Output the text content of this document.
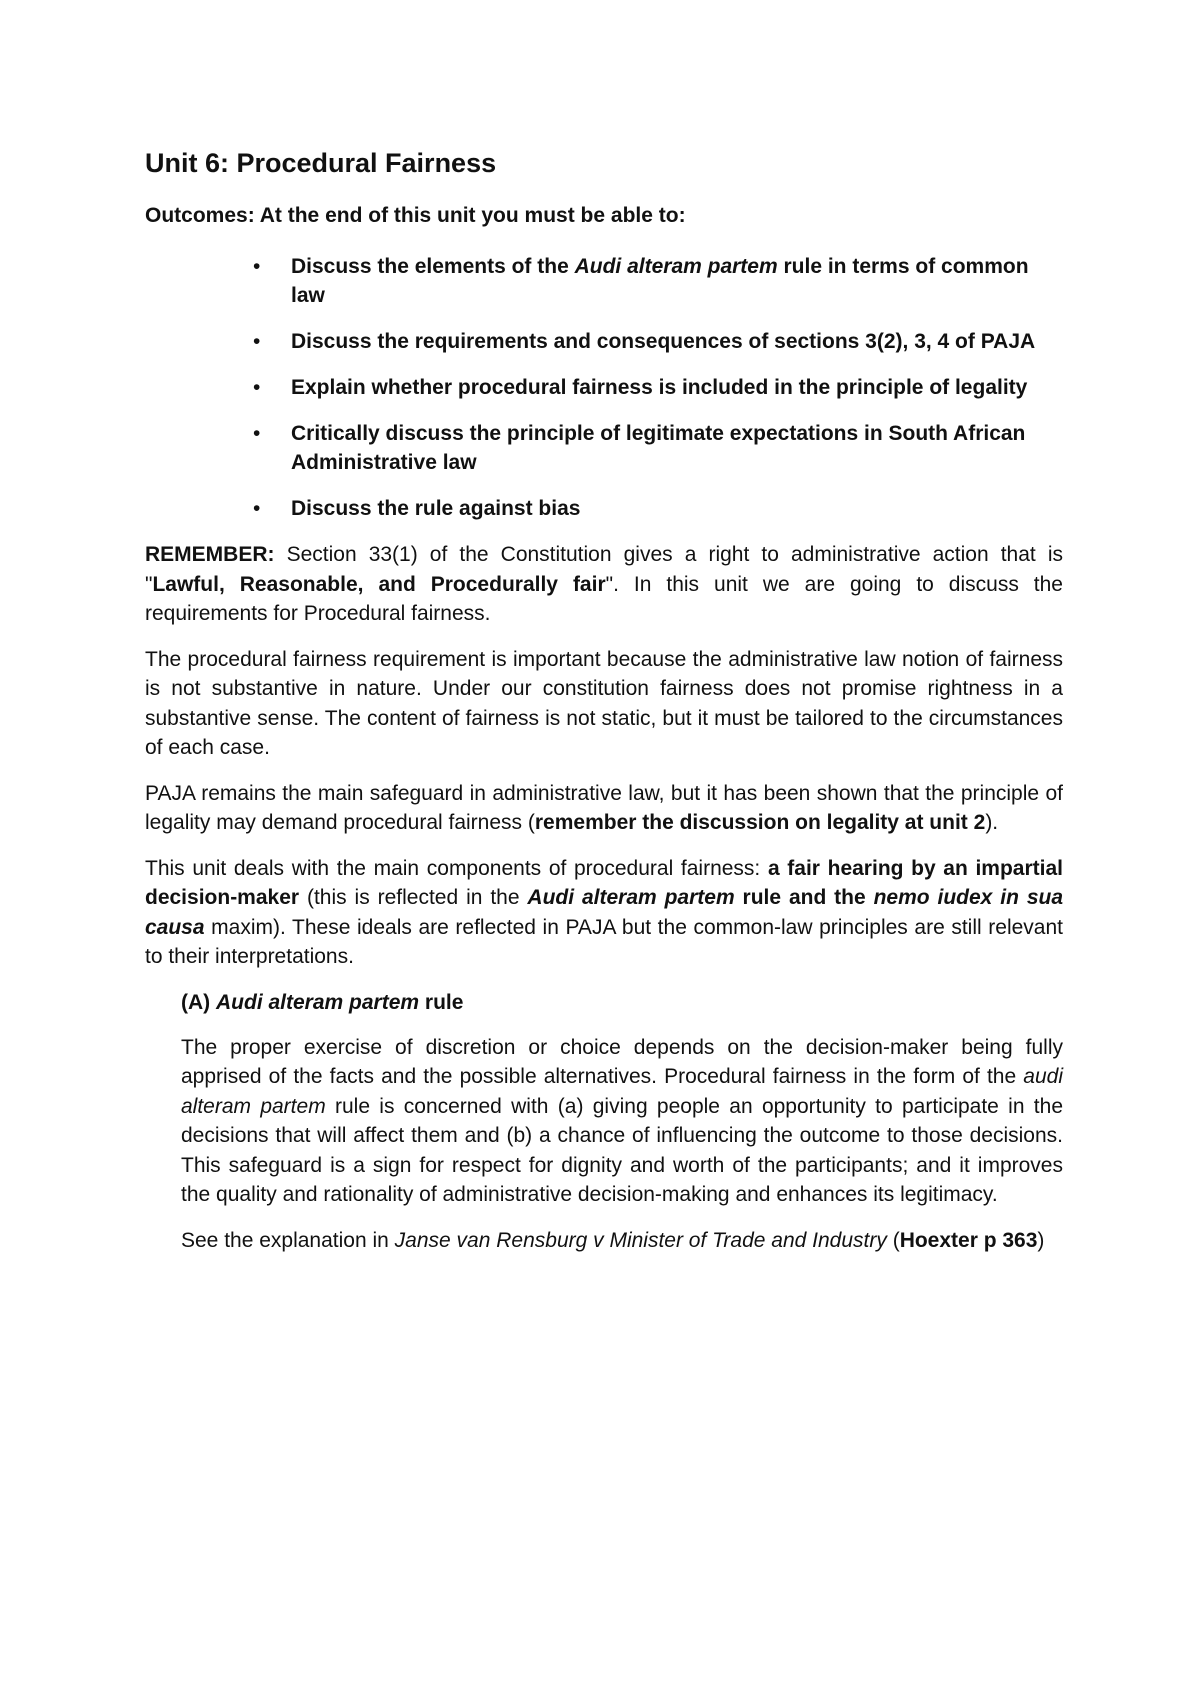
Unit 6: Procedural Fairness
Outcomes: At the end of this unit you must be able to:
• Discuss the elements of the Audi alteram partem rule in terms of common law
• Discuss the requirements and consequences of sections 3(2), 3, 4 of PAJA
• Explain whether procedural fairness is included in the principle of legality
• Critically discuss the principle of legitimate expectations in South African Administrative law
• Discuss the rule against bias

REMEMBER: Section 33(1) of the Constitution gives a right to administrative action that is "Lawful, Reasonable, and Procedurally fair". In this unit we are going to discuss the requirements for Procedural fairness.

The procedural fairness requirement is important because the administrative law notion of fairness is not substantive in nature. Under our constitution fairness does not promise rightness in a substantive sense. The content of fairness is not static, but it must be tailored to the circumstances of each case.

PAJA remains the main safeguard in administrative law, but it has been shown that the principle of legality may demand procedural fairness (remember the discussion on legality at unit 2).

This unit deals with the main components of procedural fairness: a fair hearing by an impartial decision-maker (this is reflected in the Audi alteram partem rule and the nemo iudex in sua causa maxim). These ideals are reflected in PAJA but the common-law principles are still relevant to their interpretations.

(A) Audi alteram partem rule

The proper exercise of discretion or choice depends on the decision-maker being fully apprised of the facts and the possible alternatives. Procedural fairness in the form of the audi alteram partem rule is concerned with (a) giving people an opportunity to participate in the decisions that will affect them and (b) a chance of influencing the outcome to those decisions. This safeguard is a sign for respect for dignity and worth of the participants; and it improves the quality and rationality of administrative decision-making and enhances its legitimacy.

See the explanation in Janse van Rensburg v Minister of Trade and Industry (Hoexter p 363)
